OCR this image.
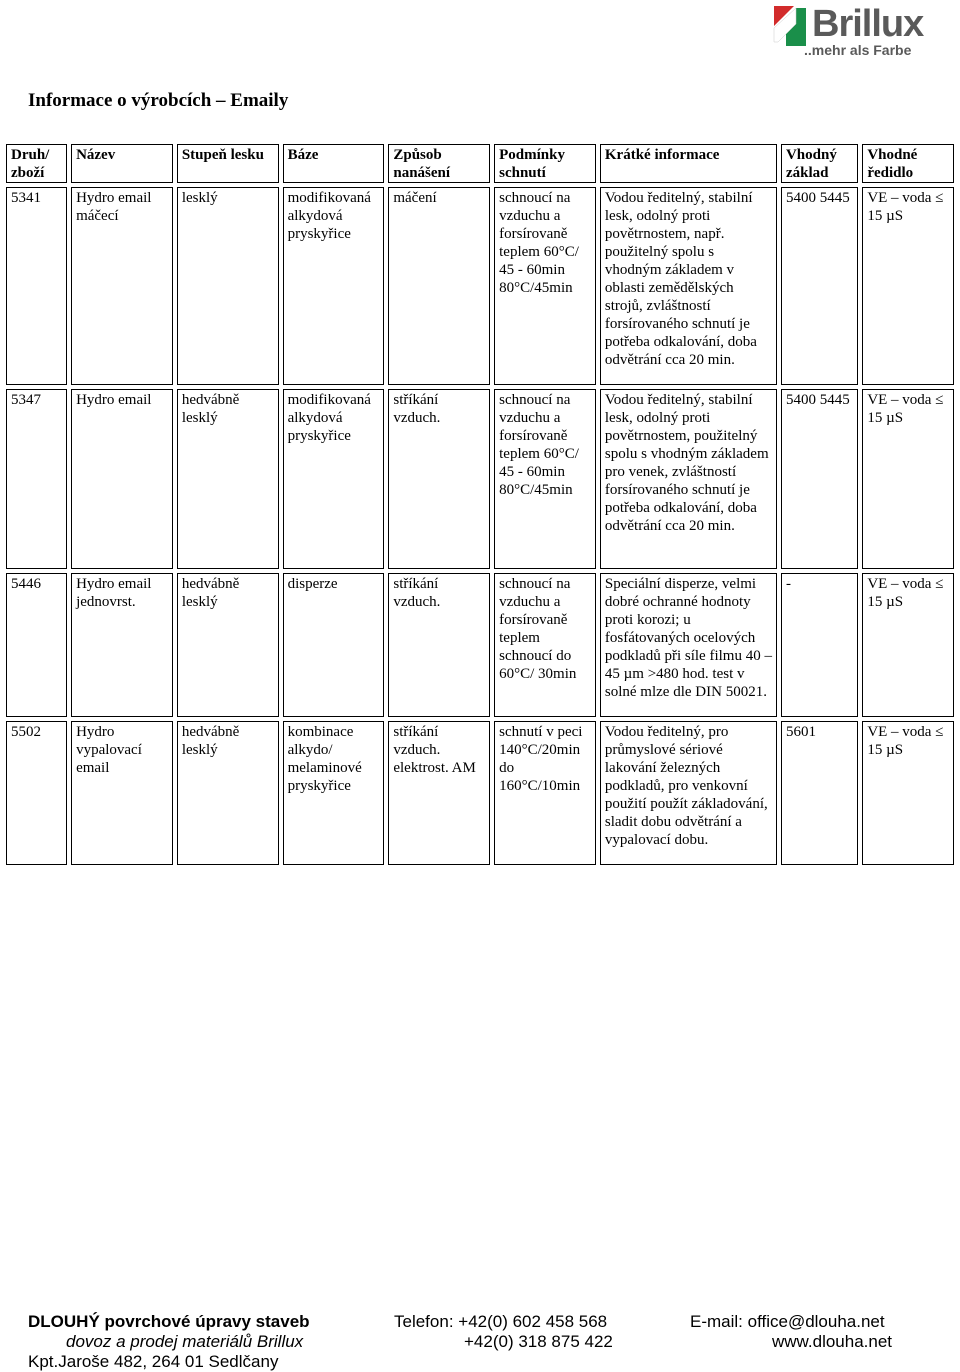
Brillux
..mehr als Farbe
Informace o výrobcích – Emaily
Druh/ zboží	Název	Stupeň lesku	Báze	Způsob nanášení	Podmínky schnutí	Krátké informace	Vhodný základ	Vhodné ředidlo
5341	Hydro email máčecí	lesklý	modifikovaná alkydová pryskyřice	máčení	schnoucí na vzduchu a forsírovaně teplem 60°C/ 45 - 60min 80°C/45min	Vodou ředitelný, stabilní lesk, odolný proti povětrnostem, např. použitelný spolu s vhodným základem v oblasti zemědělských strojů, zvláštností forsírovaného schnutí je potřeba odkalování, doba odvětrání cca 20 min.	5400 5445	VE – voda ≤ 15 µS
5347	Hydro email	hedvábně lesklý	modifikovaná alkydová pryskyřice	stříkání vzduch.	schnoucí na vzduchu a forsírovaně teplem 60°C/ 45 - 60min 80°C/45min	Vodou ředitelný, stabilní lesk, odolný proti povětrnostem, použitelný spolu s vhodným základem pro venek, zvláštností forsírovaného schnutí je potřeba odkalování, doba odvětrání cca 20 min.	5400 5445	VE – voda ≤ 15 µS
5446	Hydro email jednovrst.	hedvábně lesklý	disperze	stříkání vzduch.	schnoucí na vzduchu a forsírovaně teplem schnoucí do 60°C/ 30min	Speciální disperze, velmi dobré ochranné hodnoty proti korozi; u fosfátovaných ocelových podkladů při síle filmu 40 – 45 µm >480 hod. test v solné mlze dle DIN 50021.	-	VE – voda ≤ 15 µS
5502	Hydro vypalovací email	hedvábně lesklý	kombinace alkydo/ melaminové pryskyřice	stříkání vzduch. elektrost. AM	schnutí v peci 140°C/20min do 160°C/10min	Vodou ředitelný, pro průmyslové sériové lakování železných podkladů, pro venkovní použití použít základování, sladit dobu odvětrání a vypalovací dobu.	5601	VE – voda ≤ 15 µS
DLOUHÝ povrchové úpravy staveb
dovoz a prodej materiálů Brillux
Kpt.Jaroše 482, 264 01 Sedlčany
Telefon: +42(0) 602 458 568
+42(0) 318 875 422
E-mail: office@dlouha.net
www.dlouha.net
